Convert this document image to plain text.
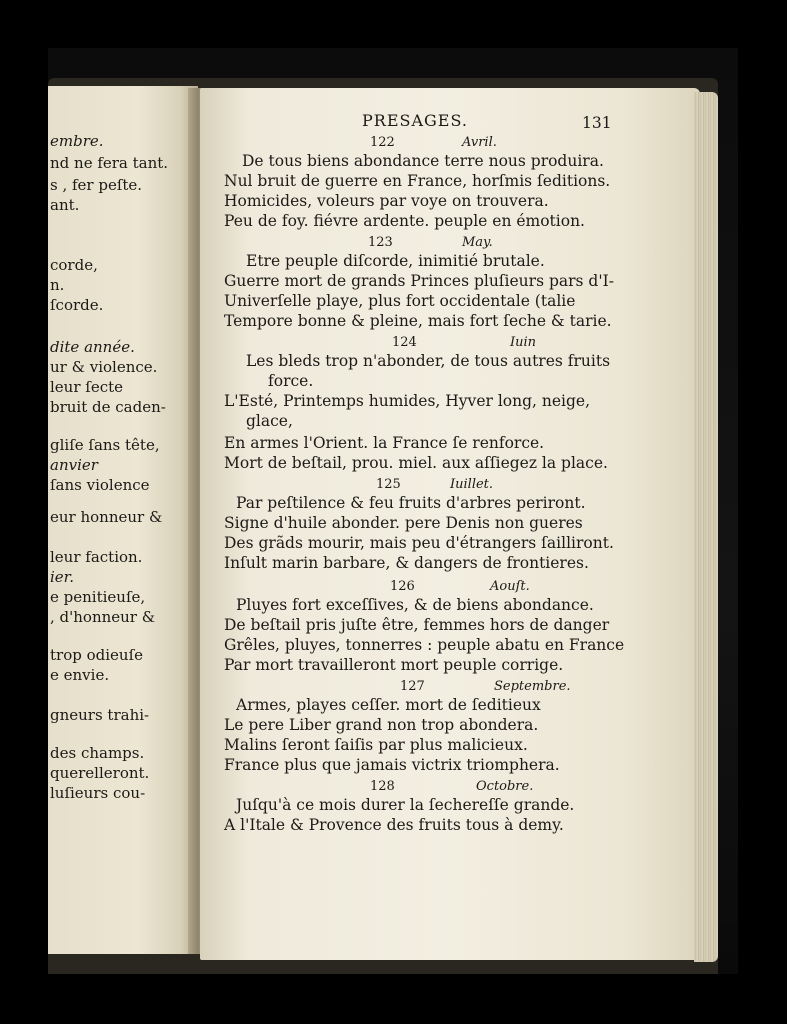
embre.
nd ne fera tant.
s , fer peſte.
ant.
corde,
n.
ſcorde.
dite année.
ur & violence.
leur ſecte
bruit de caden-
gliſe ſans tête,
anvier
ſans violence
eur honneur &
leur faction.
ier.
e penitieuſe,
, d'honneur &
trop odieuſe
e envie.
gneurs trahi-
des champs.
querelleront.
luſieurs cou-
PRESAGES.	131
122	Avril.
De tous biens abondance terre nous produira.
Nul bruit de guerre en France, horſmis ſeditions.
Homicides, voleurs par voye on trouvera.
Peu de foy. fiévre ardente. peuple en émotion.
123	May.
Etre peuple diſcorde, inimitié brutale.
Guerre mort de grands Princes pluſieurs pars d'I-
Univerſelle playe, plus fort occidentale (talie
Tempore bonne & pleine, mais fort ſeche & tarie.
124	Iuin
Les bleds trop n'abonder, de tous autres fruits
force.
L'Esté, Printemps humides, Hyver long, neige,
glace,
En armes l'Orient. la France ſe renforce.
Mort de beſtail, prou. miel. aux aſſiegez la place.
125	Iuillet.
Par peſtilence & feu fruits d'arbres periront.
Signe d'huile abonder. pere Denis non gueres
Des grãds mourir, mais peu d'étrangers ſailliront.
Inſult marin barbare, & dangers de frontieres.
126	Aouſt.
Pluyes fort exceſſives, & de biens abondance.
De beſtail pris juſte être, femmes hors de danger
Grêles, pluyes, tonnerres : peuple abatu en France
Par mort travailleront mort peuple corrige.
127	Septembre.
Armes, playes ceſſer. mort de ſeditieux
Le pere Liber grand non trop abondera.
Malins ſeront ſaiſis par plus malicieux.
France plus que jamais victrix triomphera.
128	Octobre.
Juſqu'à ce mois durer la ſechereſſe grande.
A l'Itale & Provence des fruits tous à demy.
